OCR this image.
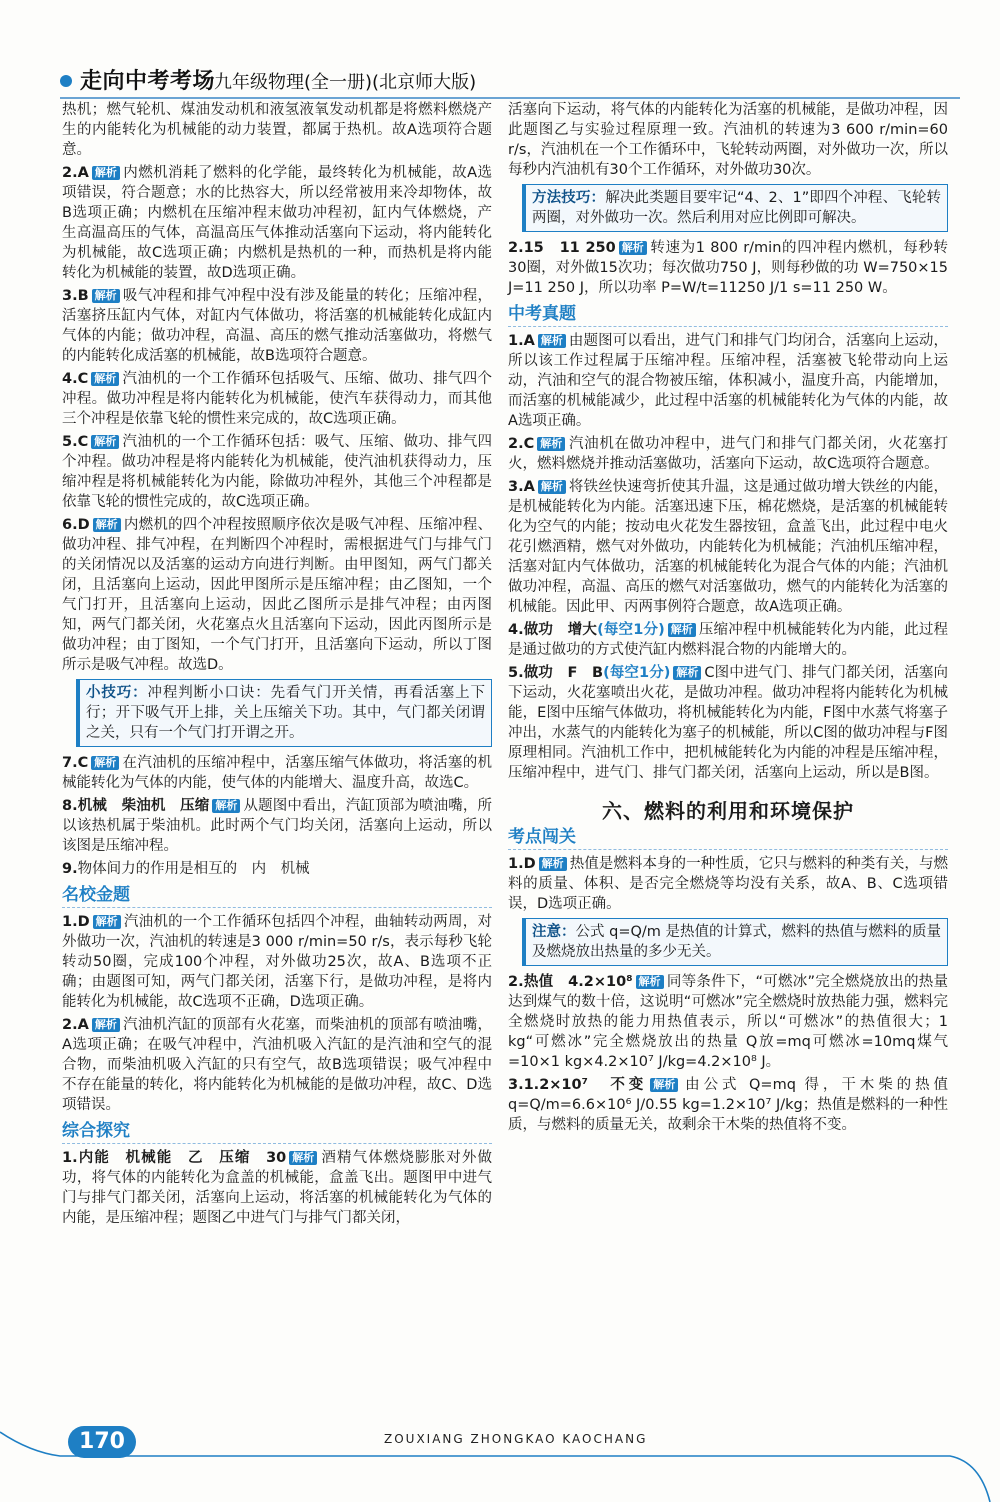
走向中考考场
九年级物理(全一册)(北京师大版)

热机；燃气轮机、煤油发动机和液氢液氧发动机都是将燃料燃烧产生的内能转化为机械能的动力装置，都属于热机。故A选项符合题意。

2.A 解析 内燃机消耗了燃料的化学能，最终转化为机械能，故A选项错误，符合题意；水的比热容大，所以经常被用来冷却物体，故B选项正确；内燃机在压缩冲程末做功冲程初，缸内气体燃烧，产生高温高压的气体，高温高压气体推动活塞向下运动，将内能转化为机械能，故C选项正确；内燃机是热机的一种，而热机是将内能转化为机械能的装置，故D选项正确。

3.B 解析 吸气冲程和排气冲程中没有涉及能量的转化；压缩冲程，活塞挤压缸内气体，对缸内气体做功，将活塞的机械能转化成缸内气体的内能；做功冲程，高温、高压的燃气推动活塞做功，将燃气的内能转化成活塞的机械能，故B选项符合题意。

4.C 解析 汽油机的一个工作循环包括吸气、压缩、做功、排气四个冲程。做功冲程是将内能转化为机械能，使汽车获得动力，而其他三个冲程是依靠飞轮的惯性来完成的，故C选项正确。

5.C 解析 汽油机的一个工作循环包括：吸气、压缩、做功、排气四个冲程。做功冲程是将内能转化为机械能，使汽油机获得动力，压缩冲程是将机械能转化为内能，除做功冲程外，其他三个冲程都是依靠飞轮的惯性完成的，故C选项正确。

6.D 解析 内燃机的四个冲程按照顺序依次是吸气冲程、压缩冲程、做功冲程、排气冲程，在判断四个冲程时，需根据进气门与排气门的关闭情况以及活塞的运动方向进行判断。由甲图知，两气门都关闭，且活塞向上运动，因此甲图所示是压缩冲程；由乙图知，一个气门打开，且活塞向上运动，因此乙图所示是排气冲程；由丙图知，两气门都关闭，火花塞点火且活塞向下运动，因此丙图所示是做功冲程；由丁图知，一个气门打开，且活塞向下运动，所以丁图所示是吸气冲程。故选D。

小技巧：冲程判断小口诀：先看气门开关情，再看活塞上下行；开下吸气开上排，关上压缩关下功。其中，气门都关闭谓之关，只有一个气门打开谓之开。

7.C 解析 在汽油机的压缩冲程中，活塞压缩气体做功，将活塞的机械能转化为气体的内能，使气体的内能增大、温度升高，故选C。

8.机械　柴油机　压缩 解析 从题图中看出，汽缸顶部为喷油嘴，所以该热机属于柴油机。此时两个气门均关闭，活塞向上运动，所以该图是压缩冲程。

9.物体间力的作用是相互的　内　机械

名校金题

1.D 解析 汽油机的一个工作循环包括四个冲程，曲轴转动两周，对外做功一次，汽油机的转速是3 000 r/min=50 r/s，表示每秒飞轮转动50圈，完成100个冲程，对外做功25次，故A、B选项不正确；由题图可知，两气门都关闭，活塞下行，是做功冲程，是将内能转化为机械能，故C选项不正确，D选项正确。

2.A 解析 汽油机汽缸的顶部有火花塞，而柴油机的顶部有喷油嘴，A选项正确；在吸气冲程中，汽油机吸入汽缸的是汽油和空气的混合物，而柴油机吸入汽缸的只有空气，故B选项错误；吸气冲程中不存在能量的转化，将内能转化为机械能的是做功冲程，故C、D选项错误。

综合探究

1.内能　机械能　乙　压缩　30 解析 酒精气体燃烧膨胀对外做功，将气体的内能转化为盒盖的机械能，盒盖飞出。题图甲中进气门与排气门都关闭，活塞向上运动，将活塞的机械能转化为气体的内能，是压缩冲程；题图乙中进气门与排气门都关闭，

活塞向下运动，将气体的内能转化为活塞的机械能，是做功冲程，因此题图乙与实验过程原理一致。汽油机的转速为3 600 r/min=60 r/s，汽油机在一个工作循环中，飞轮转动两圈，对外做功一次，所以每秒内汽油机有30个工作循环，对外做功30次。

方法技巧：解决此类题目要牢记“4、2、1”即四个冲程、飞轮转两圈，对外做功一次。然后利用对应比例即可解决。

2.15　11 250 解析 转速为1 800 r/min的四冲程内燃机，每秒转30圈，对外做15次功；每次做功750 J，则每秒做的功 W=750×15 J=11 250 J，所以功率 P=W/t=11250 J/1 s=11 250 W。

中考真题

1.A 解析 由题图可以看出，进气门和排气门均闭合，活塞向上运动，所以该工作过程属于压缩冲程。压缩冲程，活塞被飞轮带动向上运动，汽油和空气的混合物被压缩，体积减小，温度升高，内能增加，而活塞的机械能减少，此过程中活塞的机械能转化为气体的内能，故A选项正确。

2.C 解析 汽油机在做功冲程中，进气门和排气门都关闭，火花塞打火，燃料燃烧并推动活塞做功，活塞向下运动，故C选项符合题意。

3.A 解析 将铁丝快速弯折使其升温，这是通过做功增大铁丝的内能，是机械能转化为内能。活塞迅速下压，棉花燃烧，是活塞的机械能转化为空气的内能；按动电火花发生器按钮，盒盖飞出，此过程中电火花引燃酒精，燃气对外做功，内能转化为机械能；汽油机压缩冲程，活塞对缸内气体做功，活塞的机械能转化为混合气体的内能；汽油机做功冲程，高温、高压的燃气对活塞做功，燃气的内能转化为活塞的机械能。因此甲、丙两事例符合题意，故A选项正确。

4.做功　增大(每空1分) 解析 压缩冲程中机械能转化为内能，此过程是通过做功的方式使汽缸内燃料混合物的内能增大的。

5.做功　F　B(每空1分) 解析 C图中进气门、排气门都关闭，活塞向下运动，火花塞喷出火花，是做功冲程。做功冲程将内能转化为机械能，E图中压缩气体做功，将机械能转化为内能，F图中水蒸气将塞子冲出，水蒸气的内能转化为塞子的机械能，所以C图的做功冲程与F图原理相同。汽油机工作中，把机械能转化为内能的冲程是压缩冲程，压缩冲程中，进气门、排气门都关闭，活塞向上运动，所以是B图。

六、燃料的利用和环境保护
考点闯关

1.D 解析 热值是燃料本身的一种性质，它只与燃料的种类有关，与燃料的质量、体积、是否完全燃烧等均没有关系，故A、B、C选项错误，D选项正确。

注意：公式 q=Q/m 是热值的计算式，燃料的热值与燃料的质量及燃烧放出热量的多少无关。

2.热值　4.2×10⁸ 解析 同等条件下，“可燃冰”完全燃烧放出的热量达到煤气的数十倍，这说明“可燃冰”完全燃烧时放热能力强，燃料完全燃烧时放热的能力用热值表示，所以“可燃冰”的热值很大；1 kg“可燃冰”完全燃烧放出的热量 Q放=mq可燃冰=10mq煤气=10×1 kg×4.2×10⁷ J/kg=4.2×10⁸ J。

3.1.2×10⁷　不变 解析 由公式 Q=mq 得，干木柴的热值 q=Q/m=6.6×10⁶ J/0.55 kg=1.2×10⁷ J/kg；热值是燃料的一种性质，与燃料的质量无关，故剩余干木柴的热值将不变。

170	ZOUXIANG ZHONGKAO KAOCHANG
